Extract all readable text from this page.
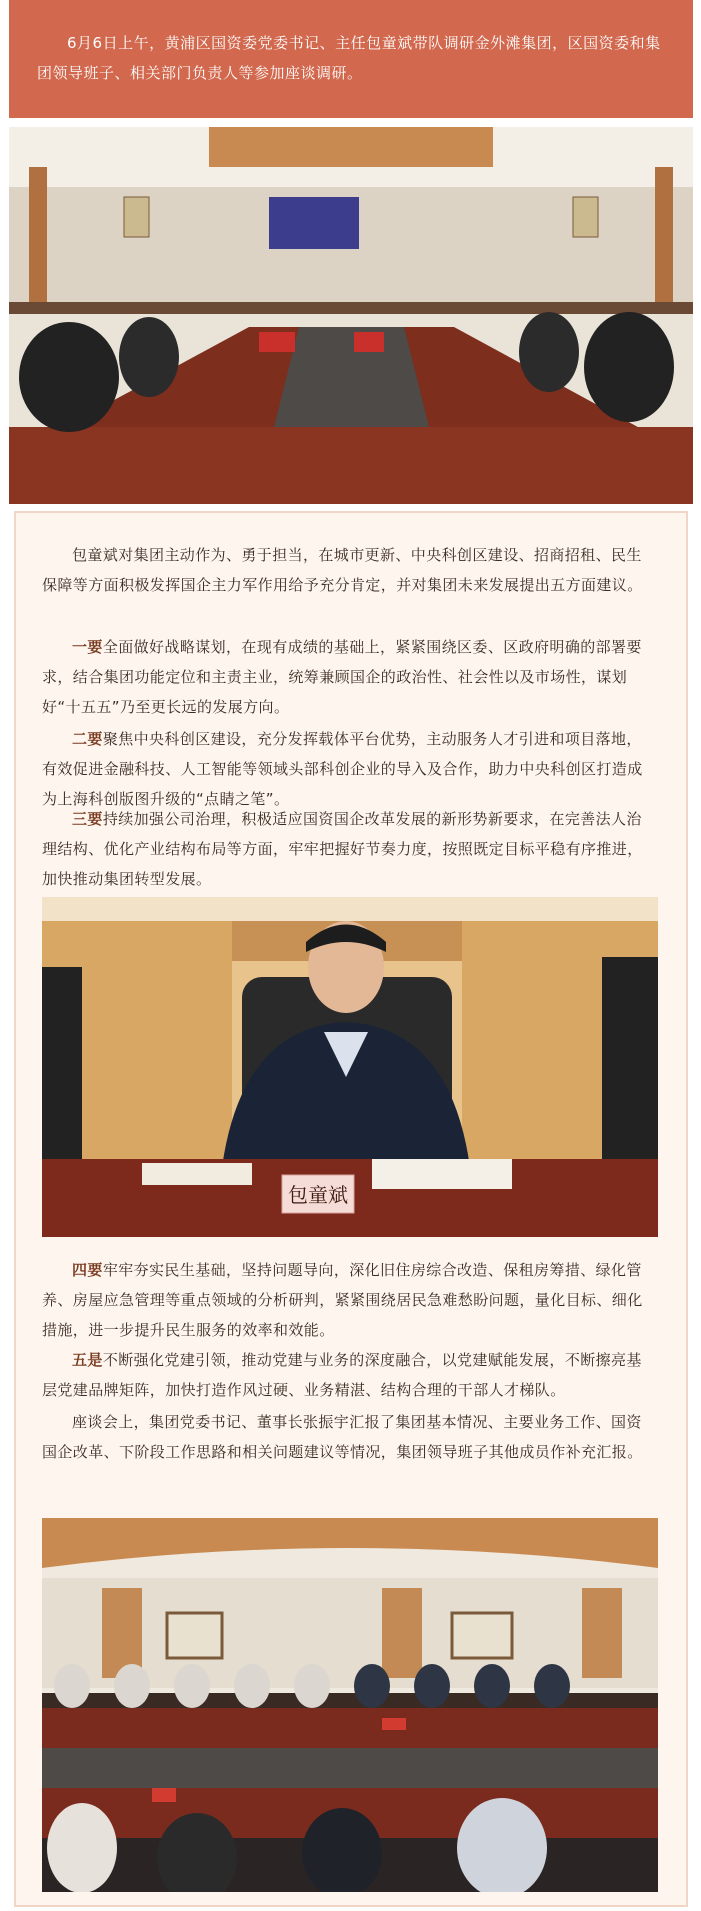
6月6日上午，黄浦区国资委党委书记、主任包童斌带队调研金外滩集团，区国资委和集团领导班子、相关部门负责人等参加座谈调研。

包童斌对集团主动作为、勇于担当，在城市更新、中央科创区建设、招商招租、民生保障等方面积极发挥国企主力军作用给予充分肯定，并对集团未来发展提出五方面建议。

一要全面做好战略谋划，在现有成绩的基础上，紧紧围绕区委、区政府明确的部署要求，结合集团功能定位和主责主业，统筹兼顾国企的政治性、社会性以及市场性，谋划好“十五五”乃至更长远的发展方向。

二要聚焦中央科创区建设，充分发挥载体平台优势，主动服务人才引进和项目落地，有效促进金融科技、人工智能等领域头部科创企业的导入及合作，助力中央科创区打造成为上海科创版图升级的“点睛之笔”。

三要持续加强公司治理，积极适应国资国企改革发展的新形势新要求，在完善法人治理结构、优化产业结构布局等方面，牢牢把握好节奏力度，按照既定目标平稳有序推进，加快推动集团转型发展。

包童斌

四要牢牢夯实民生基础，坚持问题导向，深化旧住房综合改造、保租房筹措、绿化管养、房屋应急管理等重点领域的分析研判，紧紧围绕居民急难愁盼问题，量化目标、细化措施，进一步提升民生服务的效率和效能。

五是不断强化党建引领，推动党建与业务的深度融合，以党建赋能发展，不断擦亮基层党建品牌矩阵，加快打造作风过硬、业务精湛、结构合理的干部人才梯队。

座谈会上，集团党委书记、董事长张振宇汇报了集团基本情况、主要业务工作、国资国企改革、下阶段工作思路和相关问题建议等情况，集团领导班子其他成员作补充汇报。
